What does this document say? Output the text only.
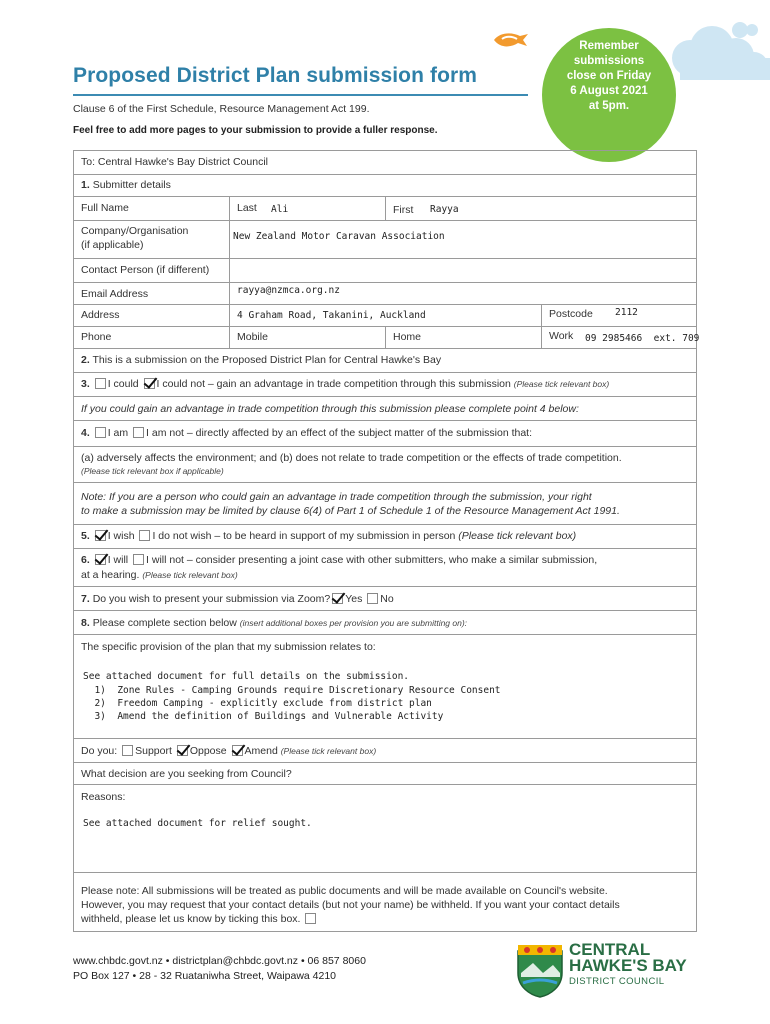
Proposed District Plan submission form
Clause 6 of the First Schedule, Resource Management Act 199.
Feel free to add more pages to your submission to provide a fuller response.
Remember
submissions
close on Friday
6 August 2021
at 5pm.
To: Central Hawke's Bay District Council
1. Submitter details
Full Name	Last Ali	First Rayya
Company/Organisation
(if applicable)
New Zealand Motor Caravan Association
Contact Person (if different)
Email Address	rayya@nzmca.org.nz
Address	4 Graham Road, Takanini, Auckland	Postcode 2112
Phone	Mobile	Home	Work 09 2985466  ext. 709
2. This is a submission on the Proposed District Plan for Central Hawke's Bay
3. I could I could not – gain an advantage in trade competition through this submission (Please tick relevant box)
If you could gain an advantage in trade competition through this submission please complete point 4 below:
4. I am I am not – directly affected by an effect of the subject matter of the submission that:
(a) adversely affects the environment; and (b) does not relate to trade competition or the effects of trade competition.
(Please tick relevant box if applicable)
Note: If you are a person who could gain an advantage in trade competition through the submission, your right
to make a submission may be limited by clause 6(4) of Part 1 of Schedule 1 of the Resource Management Act 1991.
5. I wish I do not wish – to be heard in support of my submission in person (Please tick relevant box)
6. I will I will not – consider presenting a joint case with other submitters, who make a similar submission,
at a hearing. (Please tick relevant box)
7. Do you wish to present your submission via Zoom? Yes No
8. Please complete section below (insert additional boxes per provision you are submitting on):
The specific provision of the plan that my submission relates to:
See attached document for full details on the submission.
1)  Zone Rules - Camping Grounds require Discretionary Resource Consent
2)  Freedom Camping - explicitly exclude from district plan
3)  Amend the definition of Buildings and Vulnerable Activity
Do you: Support Oppose Amend (Please tick relevant box)
What decision are you seeking from Council?
Reasons:
See attached document for relief sought.
Please note: All submissions will be treated as public documents and will be made available on Council's website.
However, you may request that your contact details (but not your name) be withheld. If you want your contact details
withheld, please let us know by ticking this box.
www.chbdc.govt.nz • districtplan@chbdc.govt.nz • 06 857 8060
PO Box 127 • 28 - 32 Ruataniwha Street, Waipawa 4210
CENTRAL
HAWKE'S BAY
DISTRICT COUNCIL
